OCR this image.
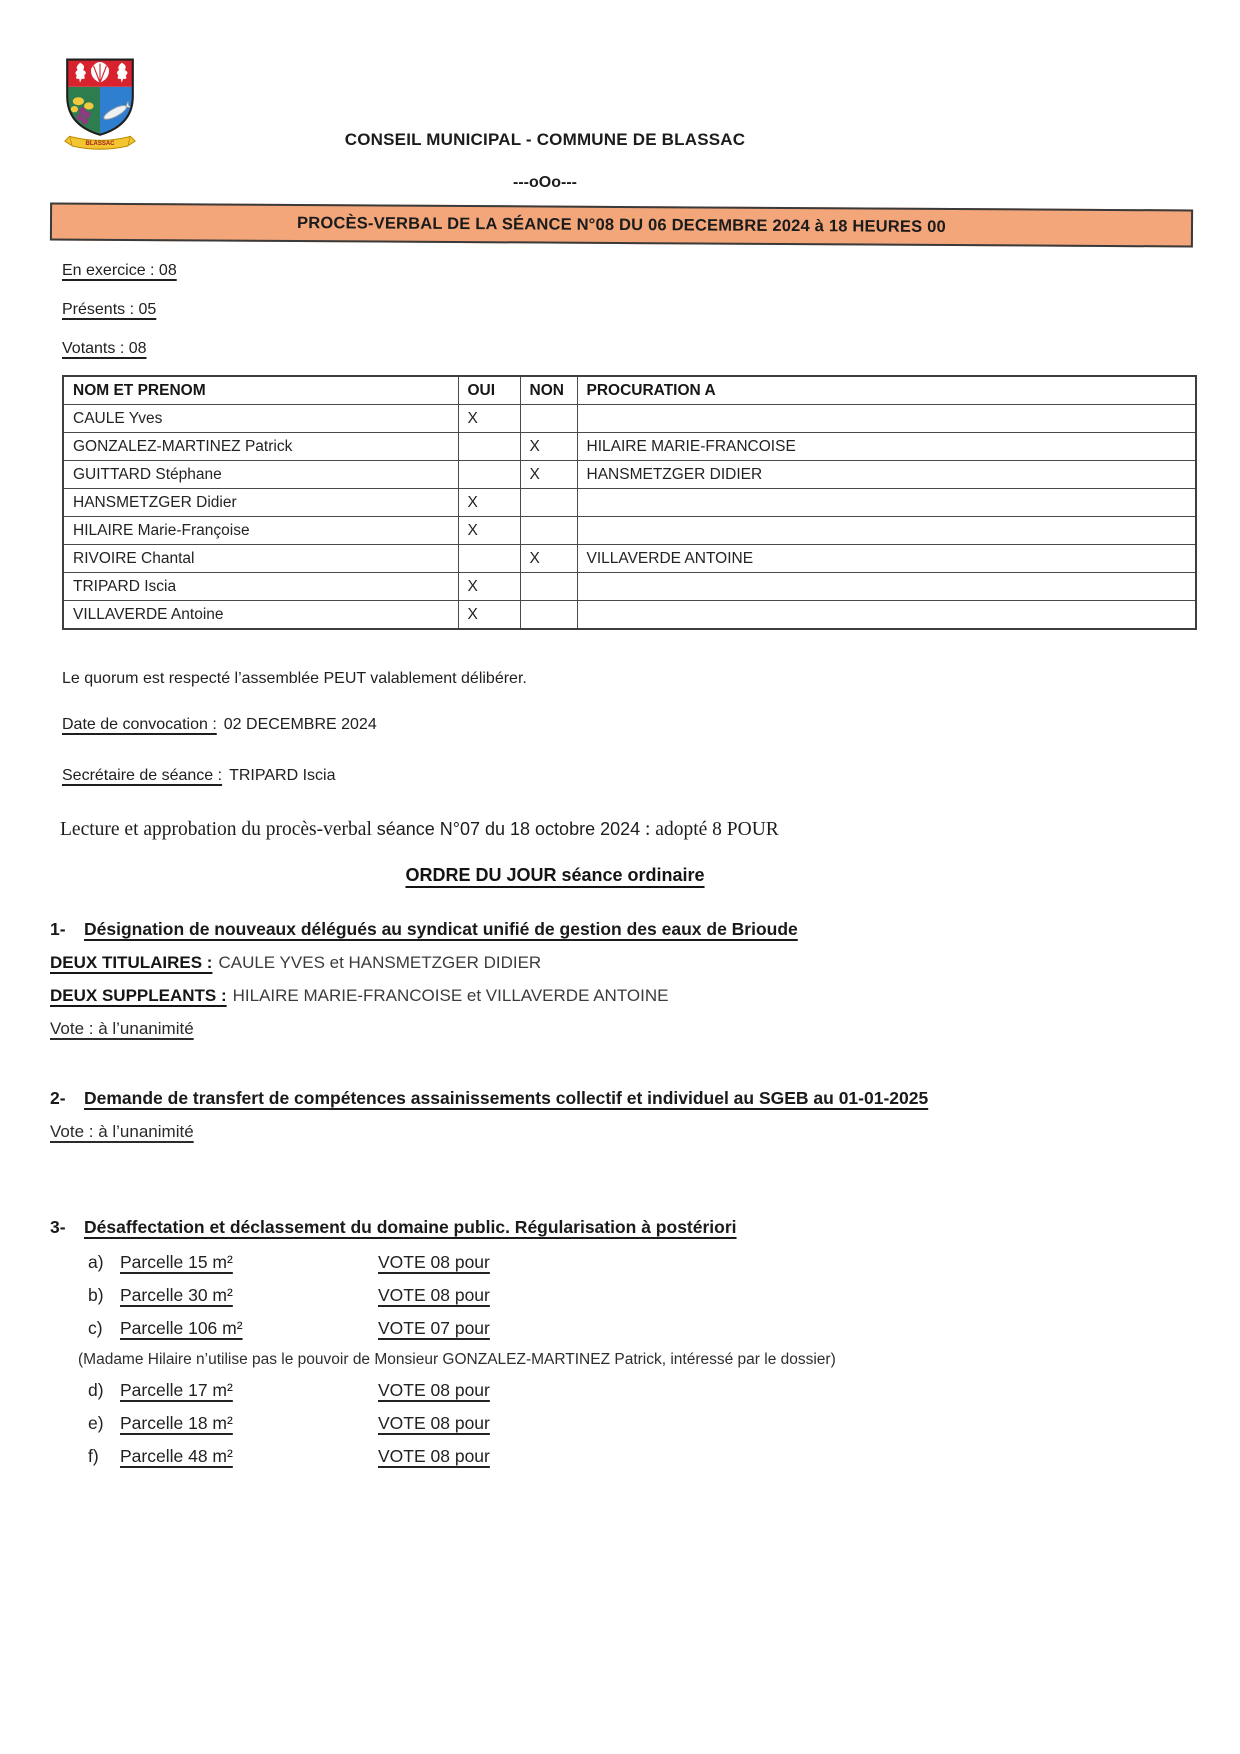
BLASSAC	CONSEIL MUNICIPAL - COMMUNE DE BLASSAC
---oOo---
PROCÈS-VERBAL DE LA SÉANCE N°08 DU 06 DECEMBRE 2024 à 18 HEURES 00
En exercice : 08
Présents : 05
Votants : 08
NOM ET PRENOM	OUI	NON	PROCURATION A
CAULE Yves	X		
GONZALEZ-MARTINEZ Patrick		X	HILAIRE MARIE-FRANCOISE
GUITTARD Stéphane		X	HANSMETZGER DIDIER
HANSMETZGER Didier	X		
HILAIRE Marie-Françoise	X		
RIVOIRE Chantal		X	VILLAVERDE ANTOINE
TRIPARD Iscia	X		
VILLAVERDE Antoine	X		
Le quorum est respecté l’assemblée PEUT valablement délibérer.
Date de convocation : 02 DECEMBRE 2024
Secrétaire de séance : TRIPARD Iscia
Lecture et approbation du procès-verbal séance N°07 du 18 octobre 2024 : adopté 8 POUR
ORDRE DU JOUR séance ordinaire
1-	Désignation de nouveaux délégués au syndicat unifié de gestion des eaux de Brioude
DEUX TITULAIRES : CAULE YVES et HANSMETZGER DIDIER
DEUX SUPPLEANTS : HILAIRE MARIE-FRANCOISE et VILLAVERDE ANTOINE
Vote : à l’unanimité
2-	Demande de transfert de compétences assainissements collectif et individuel au SGEB au 01-01-2025
Vote : à l’unanimité
3-	Désaffectation et déclassement du domaine public. Régularisation à postériori
a) Parcelle 15 m²	VOTE 08 pour
b) Parcelle 30 m²	VOTE 08 pour
c) Parcelle 106 m²	VOTE 07 pour
(Madame Hilaire n’utilise pas le pouvoir de Monsieur GONZALEZ-MARTINEZ Patrick, intéressé par le dossier)
d) Parcelle 17 m²	VOTE 08 pour
e) Parcelle 18 m²	VOTE 08 pour
f)	Parcelle 48 m²	VOTE 08 pour
